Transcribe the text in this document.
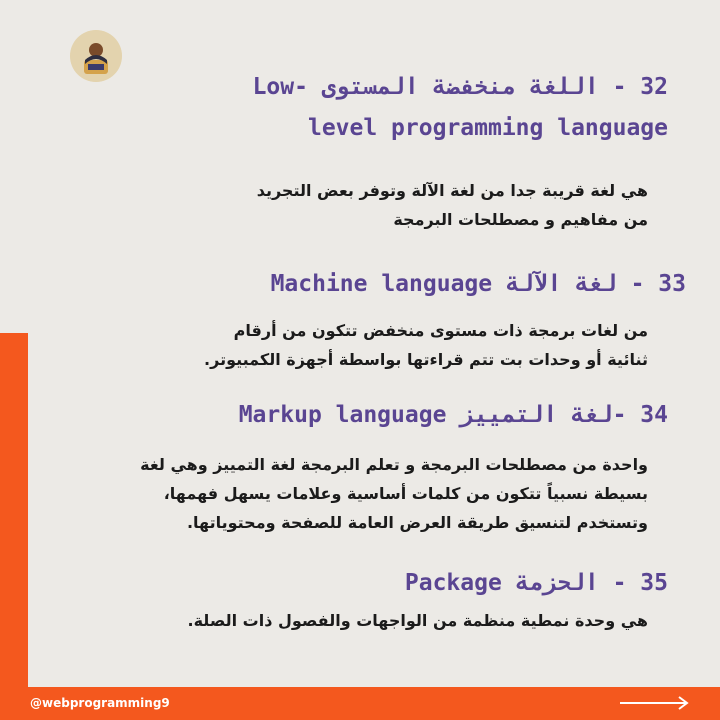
32 - اللغة منخفضة المستوى -Low
level programming language
هي لغة قريبة جدا من لغة الآلة وتوفر بعض التجريد
من مفاهيم و مصطلحات البرمجة
33 - لغة الآلة Machine language
من لغات برمجة ذات مستوى منخفض تتكون من أرقام
ثنائية أو وحدات بت تتم قراءتها بواسطة أجهزة الكمبيوتر.
34 -لغة التمييز Markup language
واحدة من مصطلحات البرمجة و تعلم البرمجة لغة التمييز وهي لغة
بسيطة نسبياً تتكون من كلمات أساسية وعلامات يسهل فهمها،
وتستخدم لتنسيق طريقة العرض العامة للصفحة ومحتوياتها.
35 - الحزمة Package
هي وحدة نمطية منظمة من الواجهات والفصول ذات الصلة.
@webprogramming9
